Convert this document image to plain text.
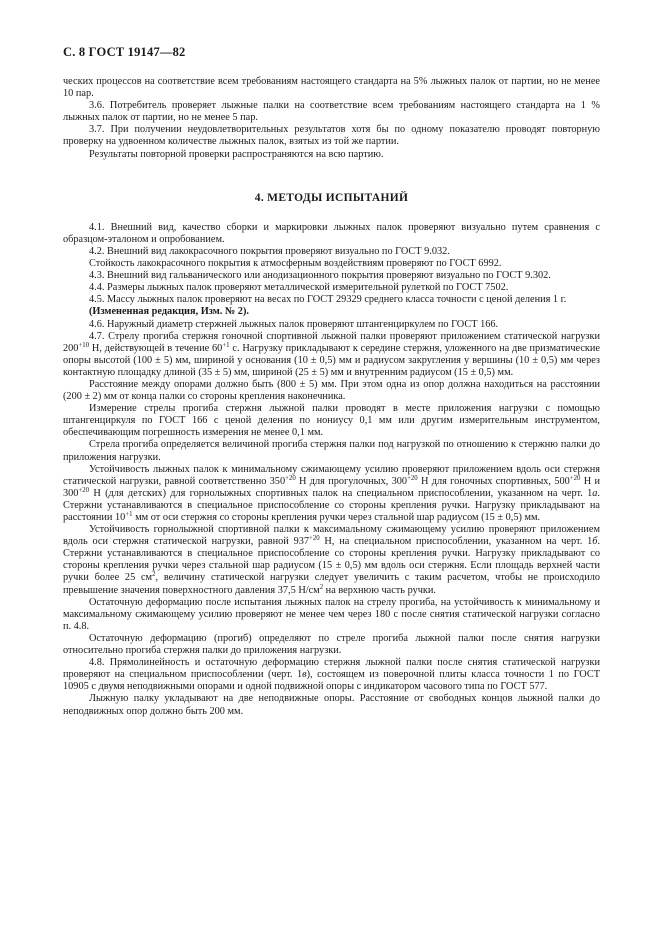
С. 8 ГОСТ 19147—82

ческих процессов на соответствие всем требованиям настоящего стандарта на 5% лыжных палок от партии, но не менее 10 пар.

3.6. Потребитель проверяет лыжные палки на соответствие всем требованиям настоящего стандарта на 1 % лыжных палок от партии, но не менее 5 пар.

3.7. При получении неудовлетворительных результатов хотя бы по одному показателю проводят повторную проверку на удвоенном количестве лыжных палок, взятых из той же партии.

Результаты повторной проверки распространяются на всю партию.

4. МЕТОДЫ ИСПЫТАНИЙ

4.1. Внешний вид, качество сборки и маркировки лыжных палок проверяют визуально путем сравнения с образцом-эталоном и опробованием.

4.2. Внешний вид лакокрасочного покрытия проверяют визуально по ГОСТ 9.032.

Стойкость лакокрасочного покрытия к атмосферным воздействиям проверяют по ГОСТ 6992.

4.3. Внешний вид гальванического или анодизационного покрытия проверяют визуально по ГОСТ 9.302.

4.4. Размеры лыжных палок проверяют металлической измерительной рулеткой по ГОСТ 7502.

4.5. Массу лыжных палок проверяют на весах по ГОСТ 29329 среднего класса точности с ценой деления 1 г.

(Измененная редакция, Изм. № 2).

4.6. Наружный диаметр стержней лыжных палок проверяют штангенциркулем по ГОСТ 166.

4.7. Стрелу прогиба стержня гоночной спортивной лыжной палки проверяют приложением статической нагрузки $200^{+10}$ Н, действующей в течение $60^{+1}$ с. Нагрузку прикладывают к середине стержня, уложенного на две призматические опоры высотой (100 ± 5) мм, шириной у основания (10 ± 0,5) мм и радиусом закругления у вершины (10 ± 0,5) мм через контактную площадку длиной (35 ± 5) мм, шириной (25 ± 5) мм и внутренним радиусом (15 ± 0,5) мм.

Расстояние между опорами должно быть (800 ± 5) мм. При этом одна из опор должна находиться на расстоянии (200 ± 2) мм от конца палки со стороны крепления наконечника.

Измерение стрелы прогиба стержня лыжной палки проводят в месте приложения нагрузки с помощью штангенциркуля по ГОСТ 166 с ценой деления по нониусу 0,1 мм или другим измерительным инструментом, обеспечивающим погрешность измерения не менее 0,1 мм.

Стрела прогиба определяется величиной прогиба стержня палки под нагрузкой по отношению к стержню палки до приложения нагрузки.

Устойчивость лыжных палок к минимальному сжимающему усилию проверяют приложением вдоль оси стержня статической нагрузки, равной соответственно $350^{+20}$ Н для прогулочных, $300^{+20}$ Н для гоночных спортивных, $500^{+20}$ Н и $300^{+20}$ Н (для детских) для горнолыжных спортивных палок на специальном приспособлении, указанном на черт. 1а. Стержни устанавливаются в специальное приспособление со стороны крепления ручки. Нагрузку прикладывают на расстоянии $10^{+1}$ мм от оси стержня со стороны крепления ручки через стальной шар радиусом (15 ± 0,5) мм.

Устойчивость горнолыжной спортивной палки к максимальному сжимающему усилию проверяют приложением вдоль оси стержня статической нагрузки, равной $937^{+20}$ Н, на специальном приспособлении, указанном на черт. 1б. Стержни устанавливаются в специальное приспособление со стороны крепления ручки. Нагрузку прикладывают со стороны крепления ручки через стальной шар радиусом (15 ± 0,5) мм вдоль оси стержня. Если площадь верхней части ручки более 25 $см^2$, величину статической нагрузки следует увеличить с таким расчетом, чтобы не происходило превышение значения поверхностного давления 37,5 $Н/см^2$ на верхнюю часть ручки.

Остаточную деформацию после испытания лыжных палок на стрелу прогиба, на устойчивость к минимальному и максимальному сжимающему усилию проверяют не менее чем через 180 с после снятия статической нагрузки согласно п. 4.8.

Остаточную деформацию (прогиб) определяют по стреле прогиба лыжной палки после снятия нагрузки относительно прогиба стержня палки до приложения нагрузки.

4.8. Прямолинейность и остаточную деформацию стержня лыжной палки после снятия статической нагрузки проверяют на специальном приспособлении (черт. 1в), состоящем из поверочной плиты класса точности 1 по ГОСТ 10905 с двумя неподвижными опорами и одной подвижной опоры с индикатором часового типа по ГОСТ 577.

Лыжную палку укладывают на две неподвижные опоры. Расстояние от свободных концов лыжной палки до неподвижных опор должно быть 200 мм.
